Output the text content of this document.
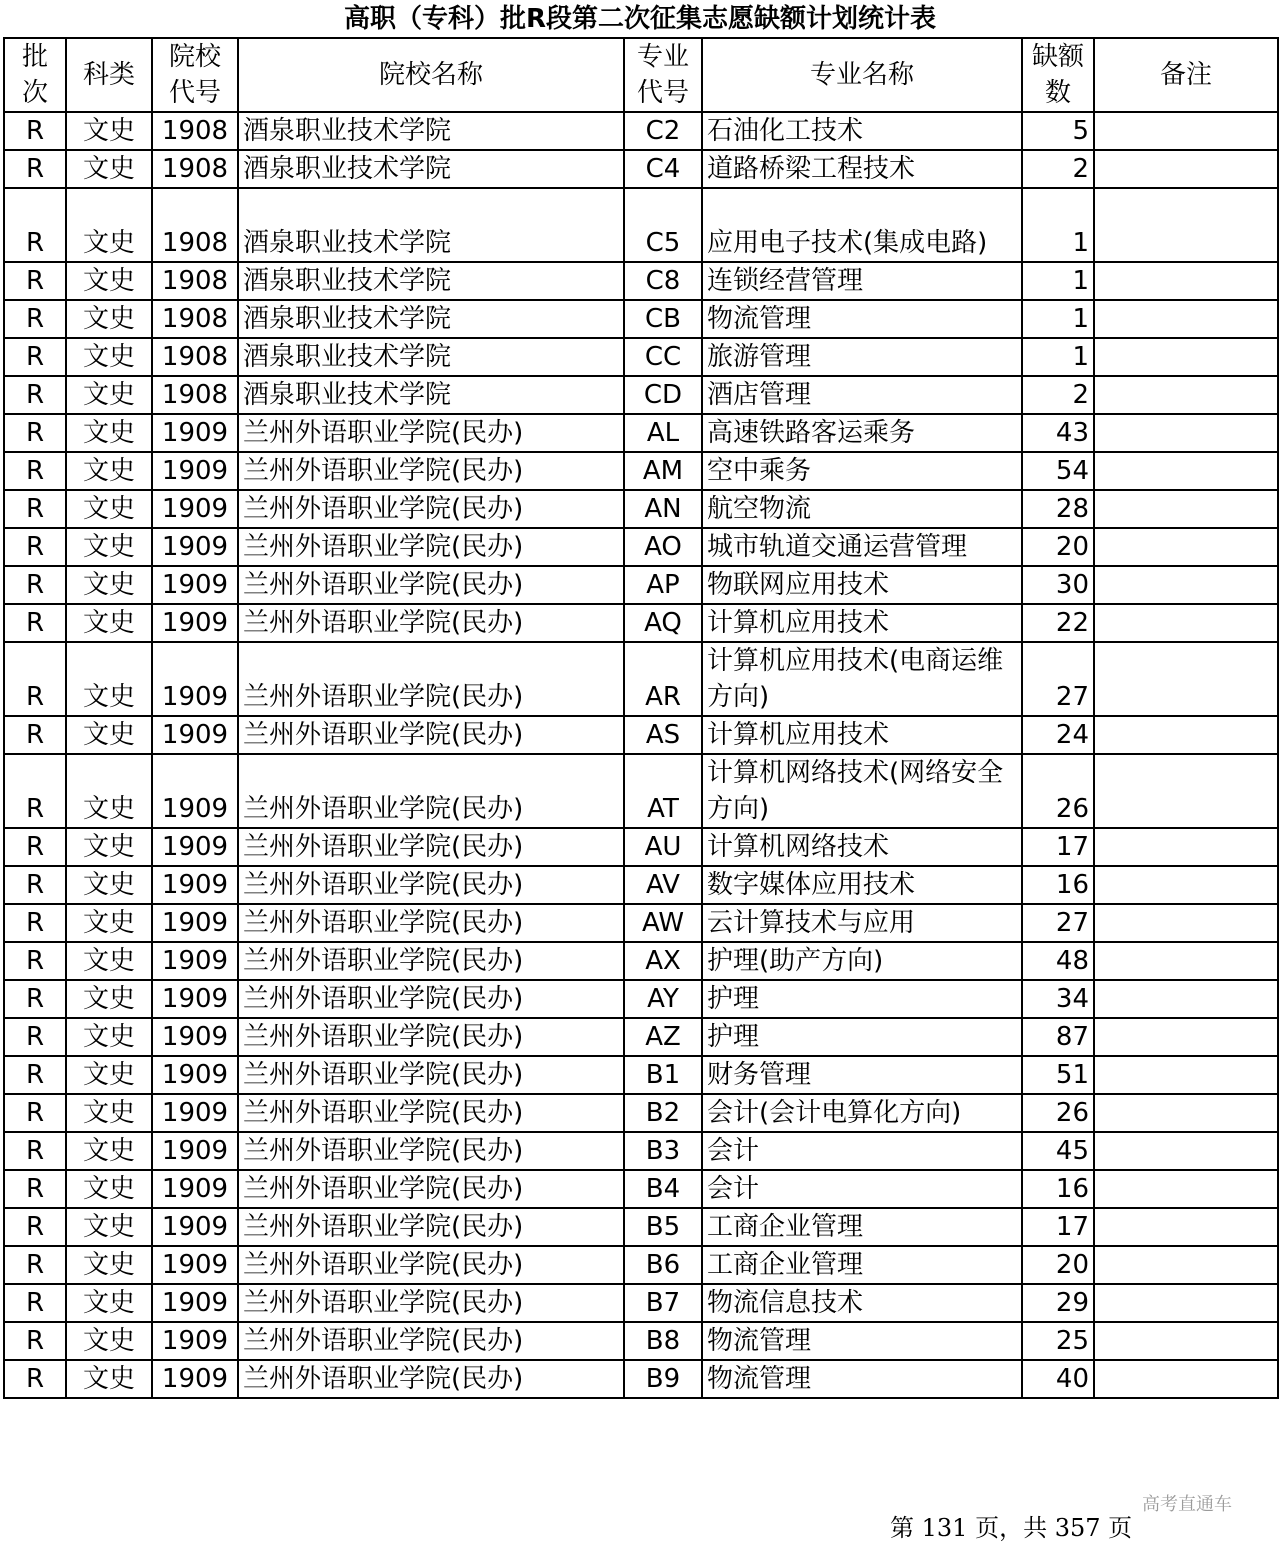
高职（专科）批R段第二次征集志愿缺额计划统计表
批次	科类	院校代号	院校名称	专业代号	专业名称	缺额数	备注
R	文史	1908	酒泉职业技术学院	C2	石油化工技术	5	
R	文史	1908	酒泉职业技术学院	C4	道路桥梁工程技术	2	
R	文史	1908	酒泉职业技术学院	C5	应用电子技术(集成电路)	1	
R	文史	1908	酒泉职业技术学院	C8	连锁经营管理	1	
R	文史	1908	酒泉职业技术学院	CB	物流管理	1	
R	文史	1908	酒泉职业技术学院	CC	旅游管理	1	
R	文史	1908	酒泉职业技术学院	CD	酒店管理	2	
R	文史	1909	兰州外语职业学院(民办)	AL	高速铁路客运乘务	43	
R	文史	1909	兰州外语职业学院(民办)	AM	空中乘务	54	
R	文史	1909	兰州外语职业学院(民办)	AN	航空物流	28	
R	文史	1909	兰州外语职业学院(民办)	AO	城市轨道交通运营管理	20	
R	文史	1909	兰州外语职业学院(民办)	AP	物联网应用技术	30	
R	文史	1909	兰州外语职业学院(民办)	AQ	计算机应用技术	22	
R	文史	1909	兰州外语职业学院(民办)	AR	计算机应用技术(电商运维方向)	27	
R	文史	1909	兰州外语职业学院(民办)	AS	计算机应用技术	24	
R	文史	1909	兰州外语职业学院(民办)	AT	计算机网络技术(网络安全方向)	26	
R	文史	1909	兰州外语职业学院(民办)	AU	计算机网络技术	17	
R	文史	1909	兰州外语职业学院(民办)	AV	数字媒体应用技术	16	
R	文史	1909	兰州外语职业学院(民办)	AW	云计算技术与应用	27	
R	文史	1909	兰州外语职业学院(民办)	AX	护理(助产方向)	48	
R	文史	1909	兰州外语职业学院(民办)	AY	护理	34	
R	文史	1909	兰州外语职业学院(民办)	AZ	护理	87	
R	文史	1909	兰州外语职业学院(民办)	B1	财务管理	51	
R	文史	1909	兰州外语职业学院(民办)	B2	会计(会计电算化方向)	26	
R	文史	1909	兰州外语职业学院(民办)	B3	会计	45	
R	文史	1909	兰州外语职业学院(民办)	B4	会计	16	
R	文史	1909	兰州外语职业学院(民办)	B5	工商企业管理	17	
R	文史	1909	兰州外语职业学院(民办)	B6	工商企业管理	20	
R	文史	1909	兰州外语职业学院(民办)	B7	物流信息技术	29	
R	文史	1909	兰州外语职业学院(民办)	B8	物流管理	25	
R	文史	1909	兰州外语职业学院(民办)	B9	物流管理	40	
高考直通车
第 131 页，共 357 页
